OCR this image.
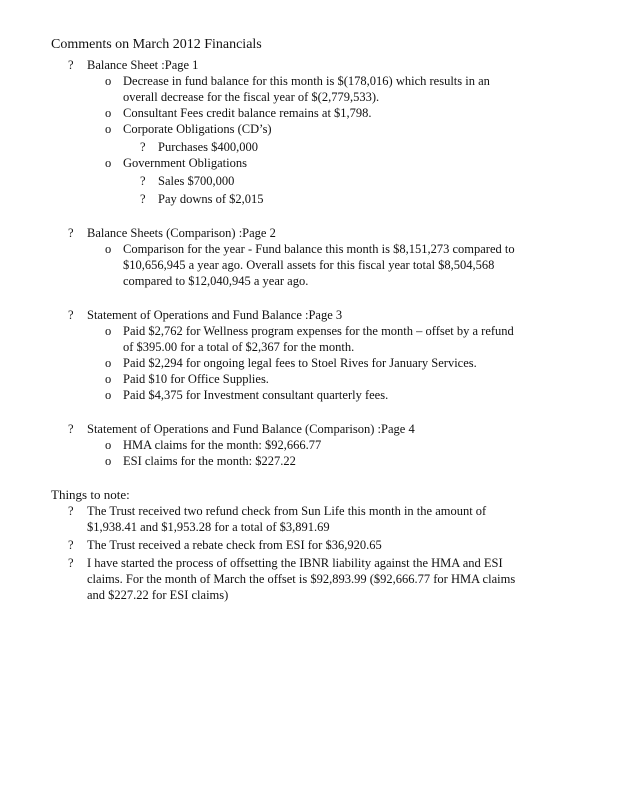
Comments on March 2012 Financials
? Balance Sheet :Page 1
o Decrease in fund balance for this month is $(178,016) which results in an
overall decrease for the fiscal year of $(2,779,533).
o Consultant Fees credit balance remains at $1,798.
o Corporate Obligations (CD’s)
? Purchases $400,000
o Government Obligations
? Sales $700,000
? Pay downs of $2,015
? Balance Sheets (Comparison) :Page 2
o Comparison for the year - Fund balance this month is $8,151,273 compared to
$10,656,945 a year ago. Overall assets for this fiscal year total $8,504,568
compared to $12,040,945 a year ago.
? Statement of Operations and Fund Balance :Page 3
o Paid $2,762 for Wellness program expenses for the month – offset by a refund
of $395.00 for a total of $2,367 for the month.
o Paid $2,294 for ongoing legal fees to Stoel Rives for January Services.
o Paid $10 for Office Supplies.
o Paid $4,375 for Investment consultant quarterly fees.
? Statement of Operations and Fund Balance (Comparison) :Page 4
o HMA claims for the month: $92,666.77
o ESI claims for the month: $227.22
Things to note:
? The Trust received two refund check from Sun Life this month in the amount of
$1,938.41 and $1,953.28 for a total of $3,891.69
? The Trust received a rebate check from ESI for $36,920.65
? I have started the process of offsetting the IBNR liability against the HMA and ESI
claims. For the month of March the offset is $92,893.99 ($92,666.77 for HMA claims
and $227.22 for ESI claims)
